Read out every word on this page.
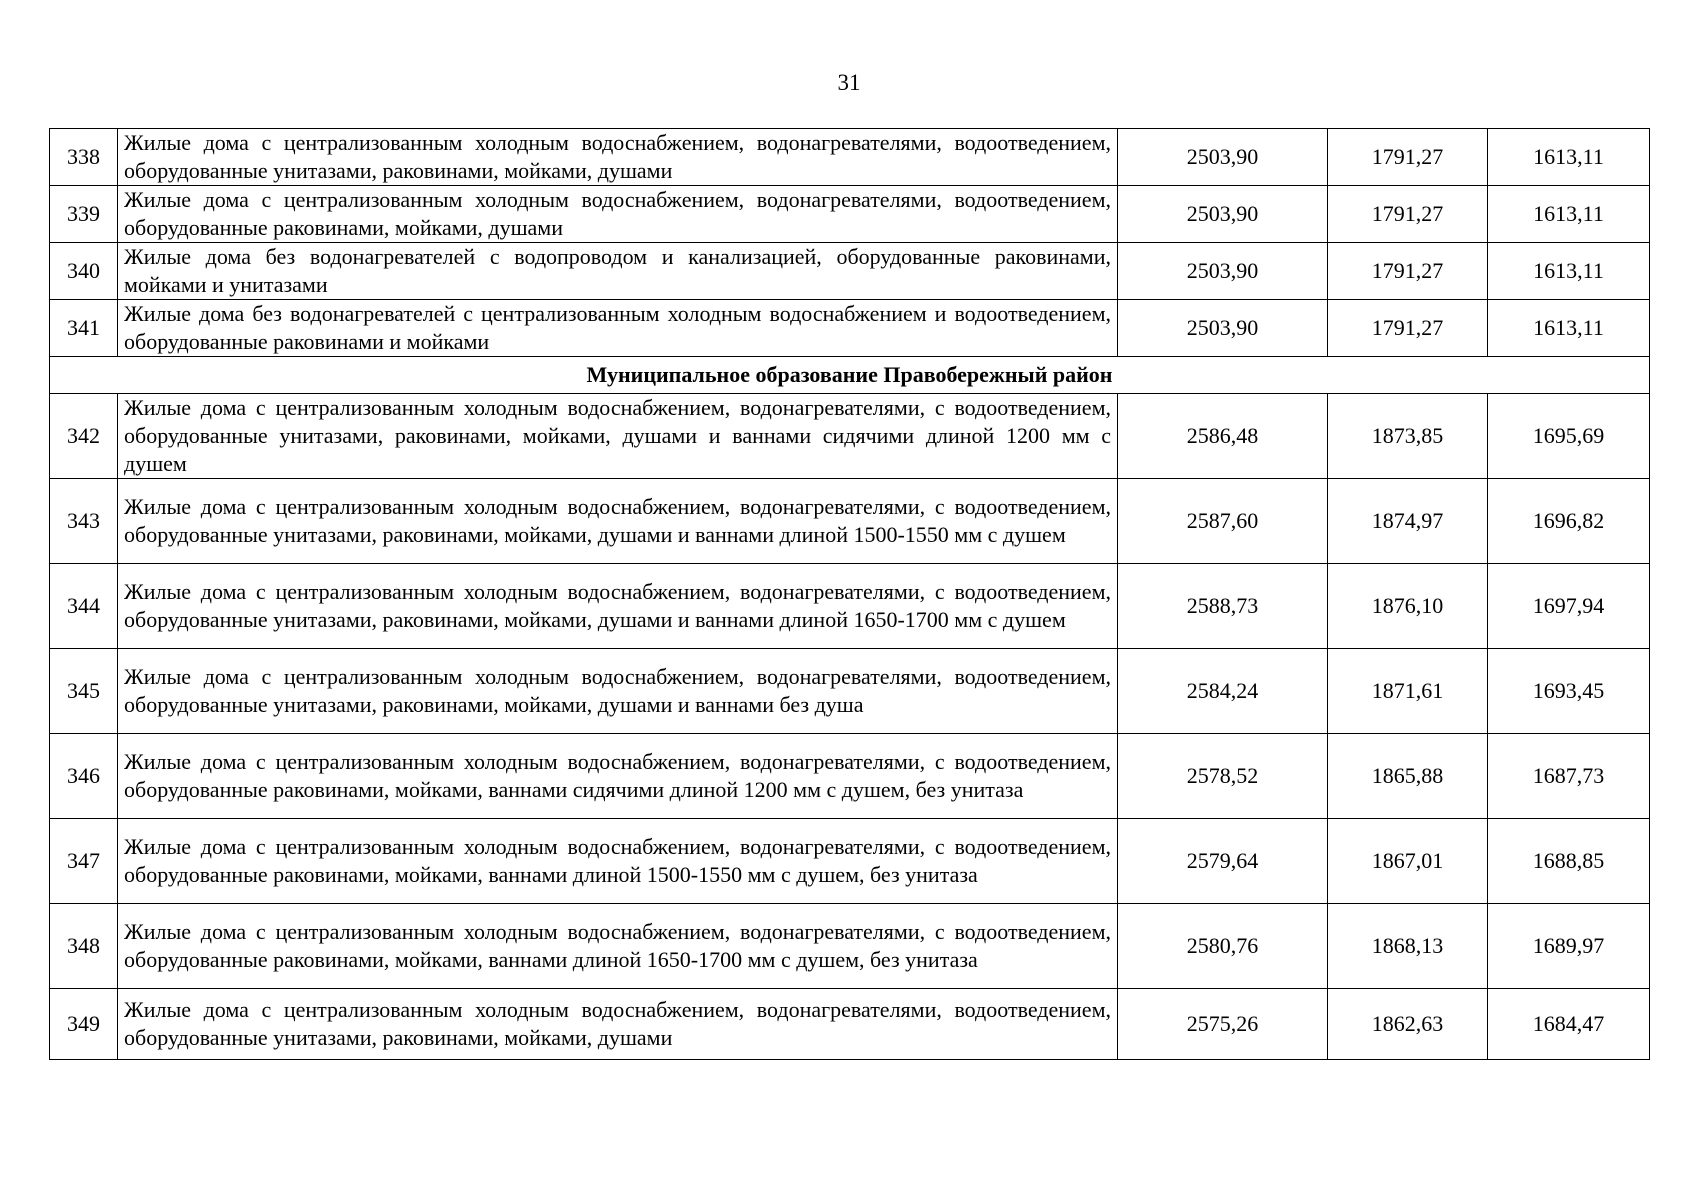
31
338	Жилые дома с централизованным холодным водоснабжением, водонагревателями, водоотведением, оборудованные унитазами, раковинами, мойками, душами	2503,90	1791,27	1613,11
339	Жилые дома с централизованным холодным водоснабжением, водонагревателями, водоотведением, оборудованные раковинами, мойками, душами	2503,90	1791,27	1613,11
340	Жилые дома без водонагревателей с водопроводом и канализацией, оборудованные раковинами, мойками и унитазами	2503,90	1791,27	1613,11
341	Жилые дома без водонагревателей с централизованным холодным водоснабжением и водоотведением, оборудованные раковинами и мойками	2503,90	1791,27	1613,11
Муниципальное образование Правобережный район				
342	Жилые дома с централизованным холодным водоснабжением, водонагревателями, с водоотведением, оборудованные унитазами, раковинами, мойками, душами и ваннами сидячими длиной 1200 мм с душем	2586,48	1873,85	1695,69
343	Жилые дома с централизованным холодным водоснабжением, водонагревателями, с водоотведением, оборудованные унитазами, раковинами, мойками, душами и ваннами длиной 1500-1550 мм с душем	2587,60	1874,97	1696,82
344	Жилые дома с централизованным холодным водоснабжением, водонагревателями, с водоотведением, оборудованные унитазами, раковинами, мойками, душами и ваннами длиной 1650-1700 мм с душем	2588,73	1876,10	1697,94
345	Жилые дома с централизованным холодным водоснабжением, водонагревателями, водоотведением, оборудованные унитазами, раковинами, мойками, душами и ваннами без душа	2584,24	1871,61	1693,45
346	Жилые дома с централизованным холодным водоснабжением, водонагревателями, с водоотведением, оборудованные раковинами, мойками, ваннами сидячими длиной 1200 мм с душем, без унитаза	2578,52	1865,88	1687,73
347	Жилые дома с централизованным холодным водоснабжением, водонагревателями, с водоотведением, оборудованные раковинами, мойками, ваннами длиной 1500-1550 мм с душем, без унитаза	2579,64	1867,01	1688,85
348	Жилые дома с централизованным холодным водоснабжением, водонагревателями, с водоотведением, оборудованные раковинами, мойками, ваннами длиной 1650-1700 мм с душем, без унитаза	2580,76	1868,13	1689,97
349	Жилые дома с централизованным холодным водоснабжением, водонагревателями, водоотведением, оборудованные унитазами, раковинами, мойками, душами	2575,26	1862,63	1684,47
